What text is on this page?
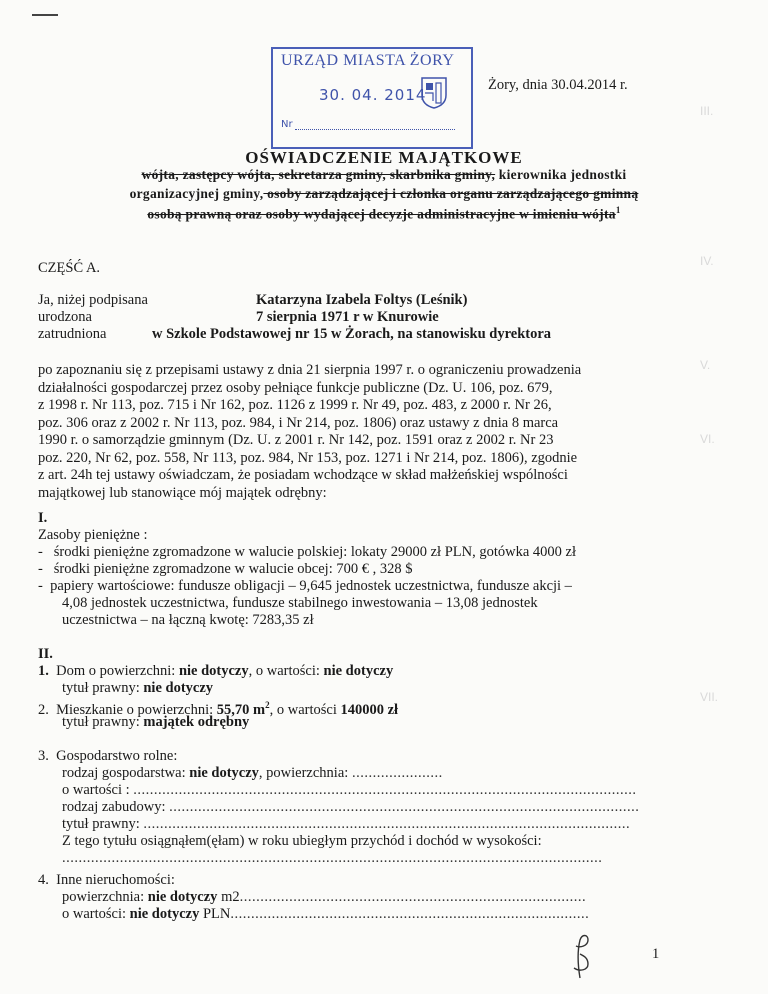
III.
IV.
V.
VI.
VII.
URZĄD MIASTA ŻORY
30. 04. 2014
Nr
Żory, dnia 30.04.2014 r.
OŚWIADCZENIE MAJĄTKOWE
wójta, zastępcy wójta, sekretarza gminy, skarbnika gminy, kierownika jednostki
organizacyjnej gminy, osoby zarządzającej i członka organu zarządzającego gminną
osobą prawną oraz osoby wydającej decyzje administracyjne w imieniu wójta$^1$
CZĘŚĆ A.
Ja, niżej podpisana	Katarzyna Izabela Foltys (Leśnik)
urodzona	7 sierpnia 1971 r w Knurowie
zatrudniona	w Szkole Podstawowej nr 15 w Żorach, na stanowisku dyrektora
po zapoznaniu się z przepisami ustawy z dnia 21 sierpnia 1997 r. o ograniczeniu prowadzenia
działalności gospodarczej przez osoby pełniące funkcje publiczne (Dz. U. 106, poz. 679,
z 1998 r. Nr 113, poz. 715 i Nr 162, poz. 1126 z 1999 r. Nr 49, poz. 483, z 2000 r. Nr 26,
poz. 306 oraz z 2002 r. Nr 113, poz. 984, i Nr 214, poz. 1806) oraz ustawy z dnia 8 marca
1990 r. o samorządzie gminnym (Dz. U. z 2001 r. Nr 142, poz. 1591 oraz z 2002 r. Nr 23
poz. 220, Nr 62, poz. 558, Nr 113, poz. 984, Nr 153, poz. 1271 i Nr 214, poz. 1806), zgodnie
z art. 24h tej ustawy oświadczam, że posiadam wchodzące w skład małżeńskiej wspólności
majątkowej lub stanowiące mój majątek odrębny:
I.
Zasoby pieniężne :
-   środki pieniężne zgromadzone w walucie polskiej: lokaty 29000 zł PLN, gotówka 4000 zł
-   środki pieniężne zgromadzone w walucie obcej: 700 € , 328 $
-  papiery wartościowe: fundusze obligacji – 9,645 jednostek uczestnictwa, fundusze akcji –
4,08 jednostek uczestnictwa, fundusze stabilnego inwestowania – 13,08 jednostek
uczestnictwa – na łączną kwotę: 7283,35 zł
II.
1. Dom o powierzchni: nie dotyczy, o wartości: nie dotyczy
tytuł prawny: nie dotyczy
2. Mieszkanie o powierzchni: 55,70 $m^2$, o wartości 140000 zł
tytuł prawny: majątek odrębny
3. Gospodarstwo rolne:
rodzaj gospodarstwa: nie dotyczy, powierzchnia: ......................
o wartości : ..........................................................................................................................
rodzaj zabudowy: ..................................................................................................................
tytuł prawny: ......................................................................................................................
Z tego tytułu osiągnąłem(ęłam) w roku ubiegłym przychód i dochód w wysokości:
...................................................................................................................................
4. Inne nieruchomości:
powierzchnia: nie dotyczy m2....................................................................................
o wartości: nie dotyczy PLN.......................................................................................
1
